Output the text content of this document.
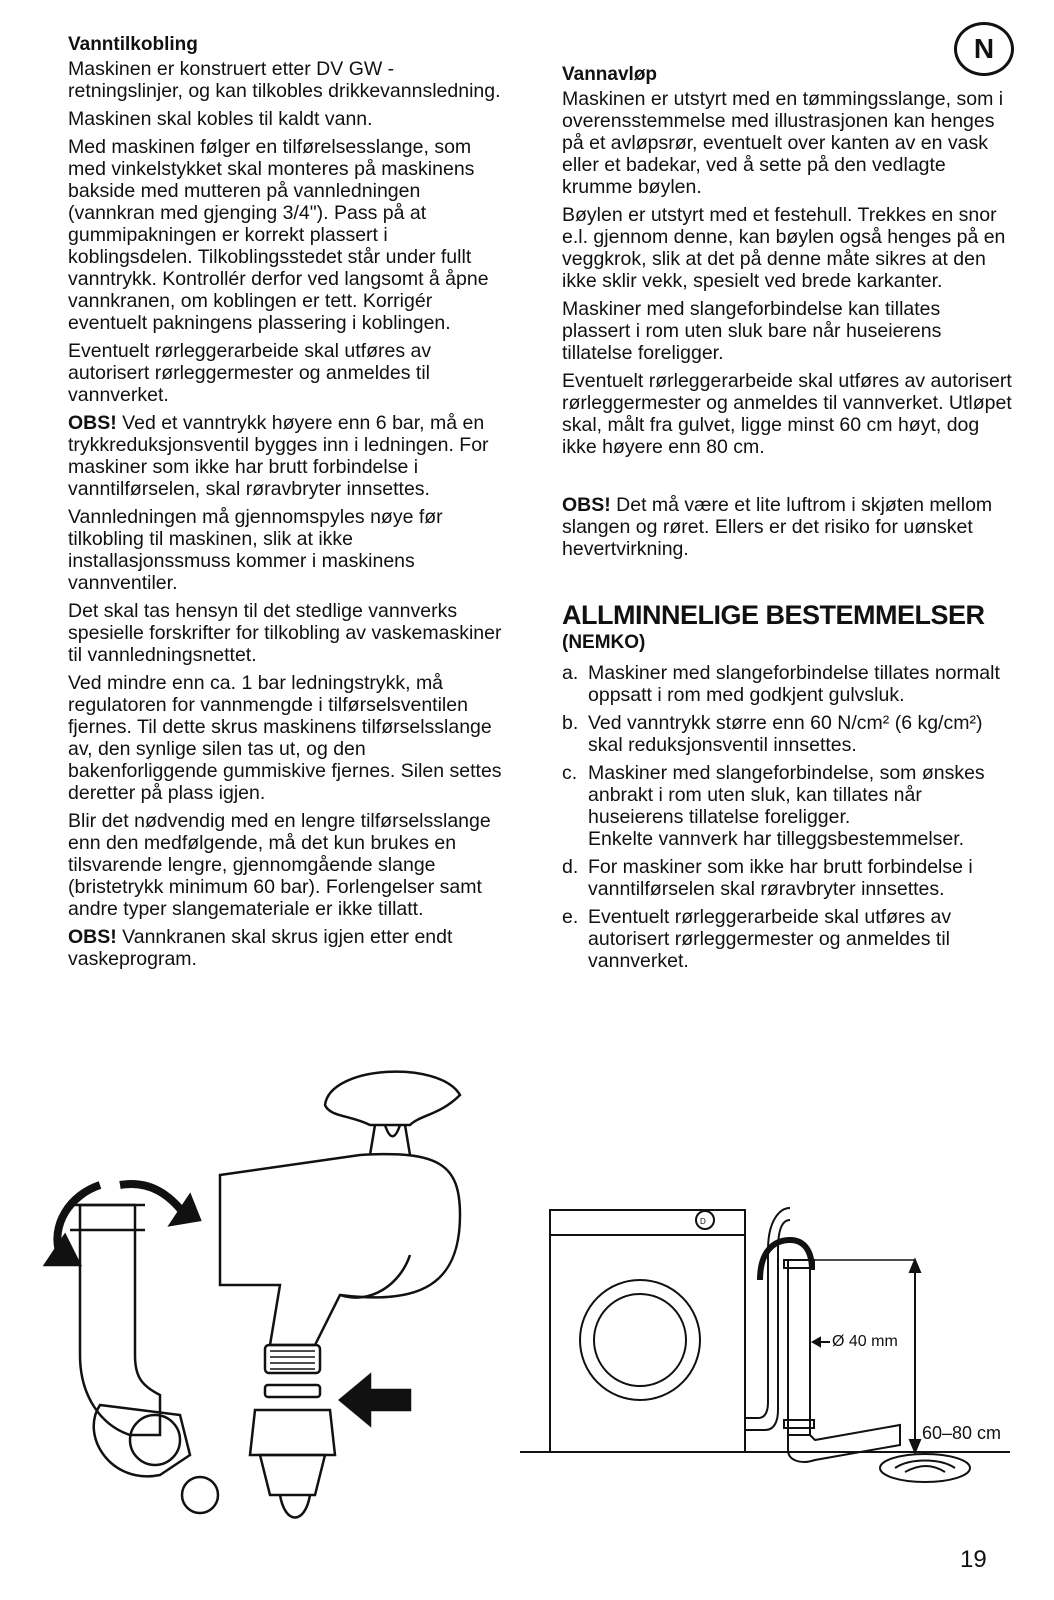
N
Vanntilkobling

Maskinen er konstruert etter DV GW - retningslinjer, og kan tilkobles drikkevannsledning.

Maskinen skal kobles til kaldt vann.

Med maskinen følger en tilførelsesslange, som med vinkelstykket skal monteres på maskinens bakside med mutteren på vannledningen (vannkran med gjenging 3/4"). Pass på at gummipakningen er korrekt plassert i koblingsdelen. Tilkoblingsstedet står under fullt vanntrykk. Kontrollér derfor ved langsomt å åpne vannkranen, om koblingen er tett. Korrigér eventuelt pakningens plassering i koblingen.

Eventuelt rørleggerarbeide skal utføres av autorisert rørleggermester og anmeldes til vannverket.

OBS! Ved et vanntrykk høyere enn 6 bar, må en trykkreduksjonsventil bygges inn i ledningen. For maskiner som ikke har brutt forbindelse i vanntilførselen, skal røravbryter innsettes.

Vannledningen må gjennomspyles nøye før tilkobling til maskinen, slik at ikke installasjonssmuss kommer i maskinens vannventiler.

Det skal tas hensyn til det stedlige vannverks spesielle forskrifter for tilkobling av vaskemaskiner til vannledningsnettet.

Ved mindre enn ca. 1 bar ledningstrykk, må regulatoren for vannmengde i tilførselsventilen fjernes. Til dette skrus maskinens tilførselsslange av, den synlige silen tas ut, og den bakenforliggende gummiskive fjernes. Silen settes deretter på plass igjen.

Blir det nødvendig med en lengre tilførselsslange enn den medfølgende, må det kun brukes en tilsvarende lengre, gjennomgående slange (bristetrykk minimum 60 bar). Forlengelser samt andre typer slangemateriale er ikke tillatt.

OBS! Vannkranen skal skrus igjen etter endt vaskeprogram.

Vannavløp

Maskinen er utstyrt med en tømmingsslange, som i overensstemmelse med illustrasjonen kan henges på et avløpsrør, eventuelt over kanten av en vask eller et badekar, ved å sette på den vedlagte krumme bøylen.

Bøylen er utstyrt med et festehull. Trekkes en snor e.l. gjennom denne, kan bøylen også henges på en veggkrok, slik at det på denne måte sikres at den ikke sklir vekk, spesielt ved brede karkanter.

Maskiner med slangeforbindelse kan tillates plassert i rom uten sluk bare når huseierens tillatelse foreligger.

Eventuelt rørleggerarbeide skal utføres av autorisert rørleggermester og anmeldes til vannverket. Utløpet skal, målt fra gulvet, ligge minst 60 cm høyt, dog ikke høyere enn 80 cm.

OBS! Det må være et lite luftrom i skjøten mellom slangen og røret. Ellers er det risiko for uønsket hevertvirkning.

ALLMINNELIGE BESTEMMELSER
(NEMKO)
a. Maskiner med slangeforbindelse tillates normalt oppsatt i rom med godkjent gulvsluk.
b. Ved vanntrykk større enn 60 N/cm² (6 kg/cm²) skal reduksjonsventil innsettes.
c. Maskiner med slangeforbindelse, som ønskes anbrakt i rom uten sluk, kan tillates når huseierens tillatelse foreligger.
Enkelte vannverk har tilleggsbestemmelser.
d. For maskiner som ikke har brutt forbindelse i vanntilførselen skal røravbryter innsettes.
e. Eventuelt rørleggerarbeide skal utføres av autorisert rørleggermester og anmeldes til vannverket.
D
Ø 40 mm
60–80 cm
19
